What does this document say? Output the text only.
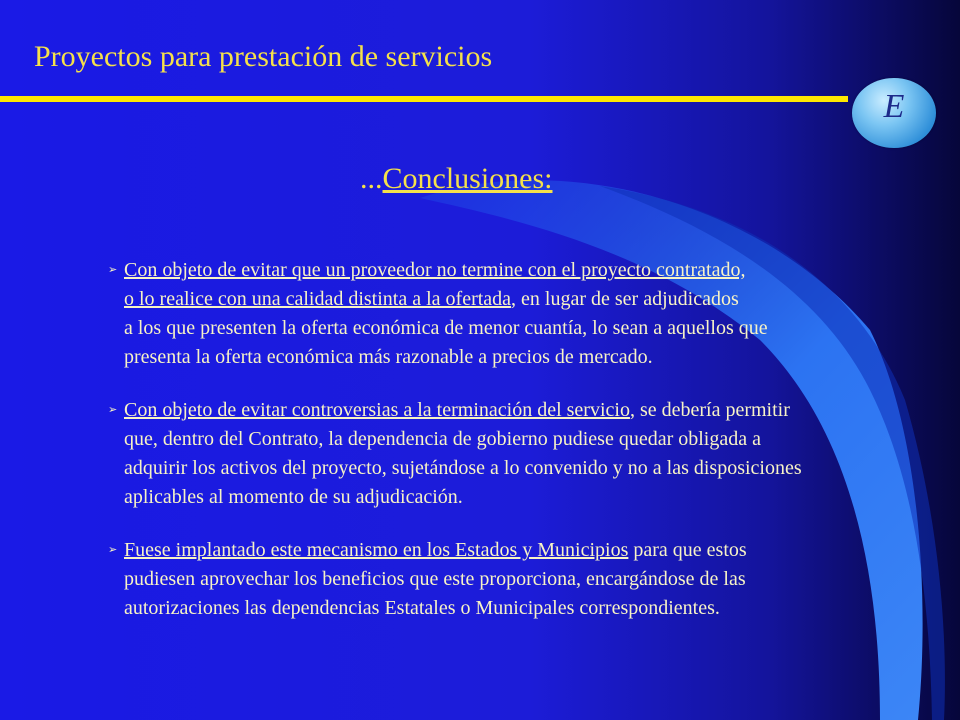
Proyectos para prestación de servicios
E
...Conclusiones:
➢ Con objeto de evitar que un proveedor no termine con el proyecto contratado,

o lo realice con una calidad distinta a la ofertada, en lugar de ser adjudicados

a los que presenten la oferta económica de menor cuantía, lo sean a aquellos que

presenta la oferta económica más razonable a precios de mercado.

➢ Con objeto de evitar controversias a la terminación del servicio, se debería permitir

que, dentro del Contrato, la dependencia de gobierno pudiese quedar obligada a

adquirir los activos del proyecto, sujetándose a lo convenido y no a las disposiciones

aplicables al momento de su adjudicación.

➢ Fuese implantado este mecanismo en los Estados y Municipios para que estos

pudiesen aprovechar los beneficios que este proporciona, encargándose de las

autorizaciones las dependencias Estatales o Municipales correspondientes.
